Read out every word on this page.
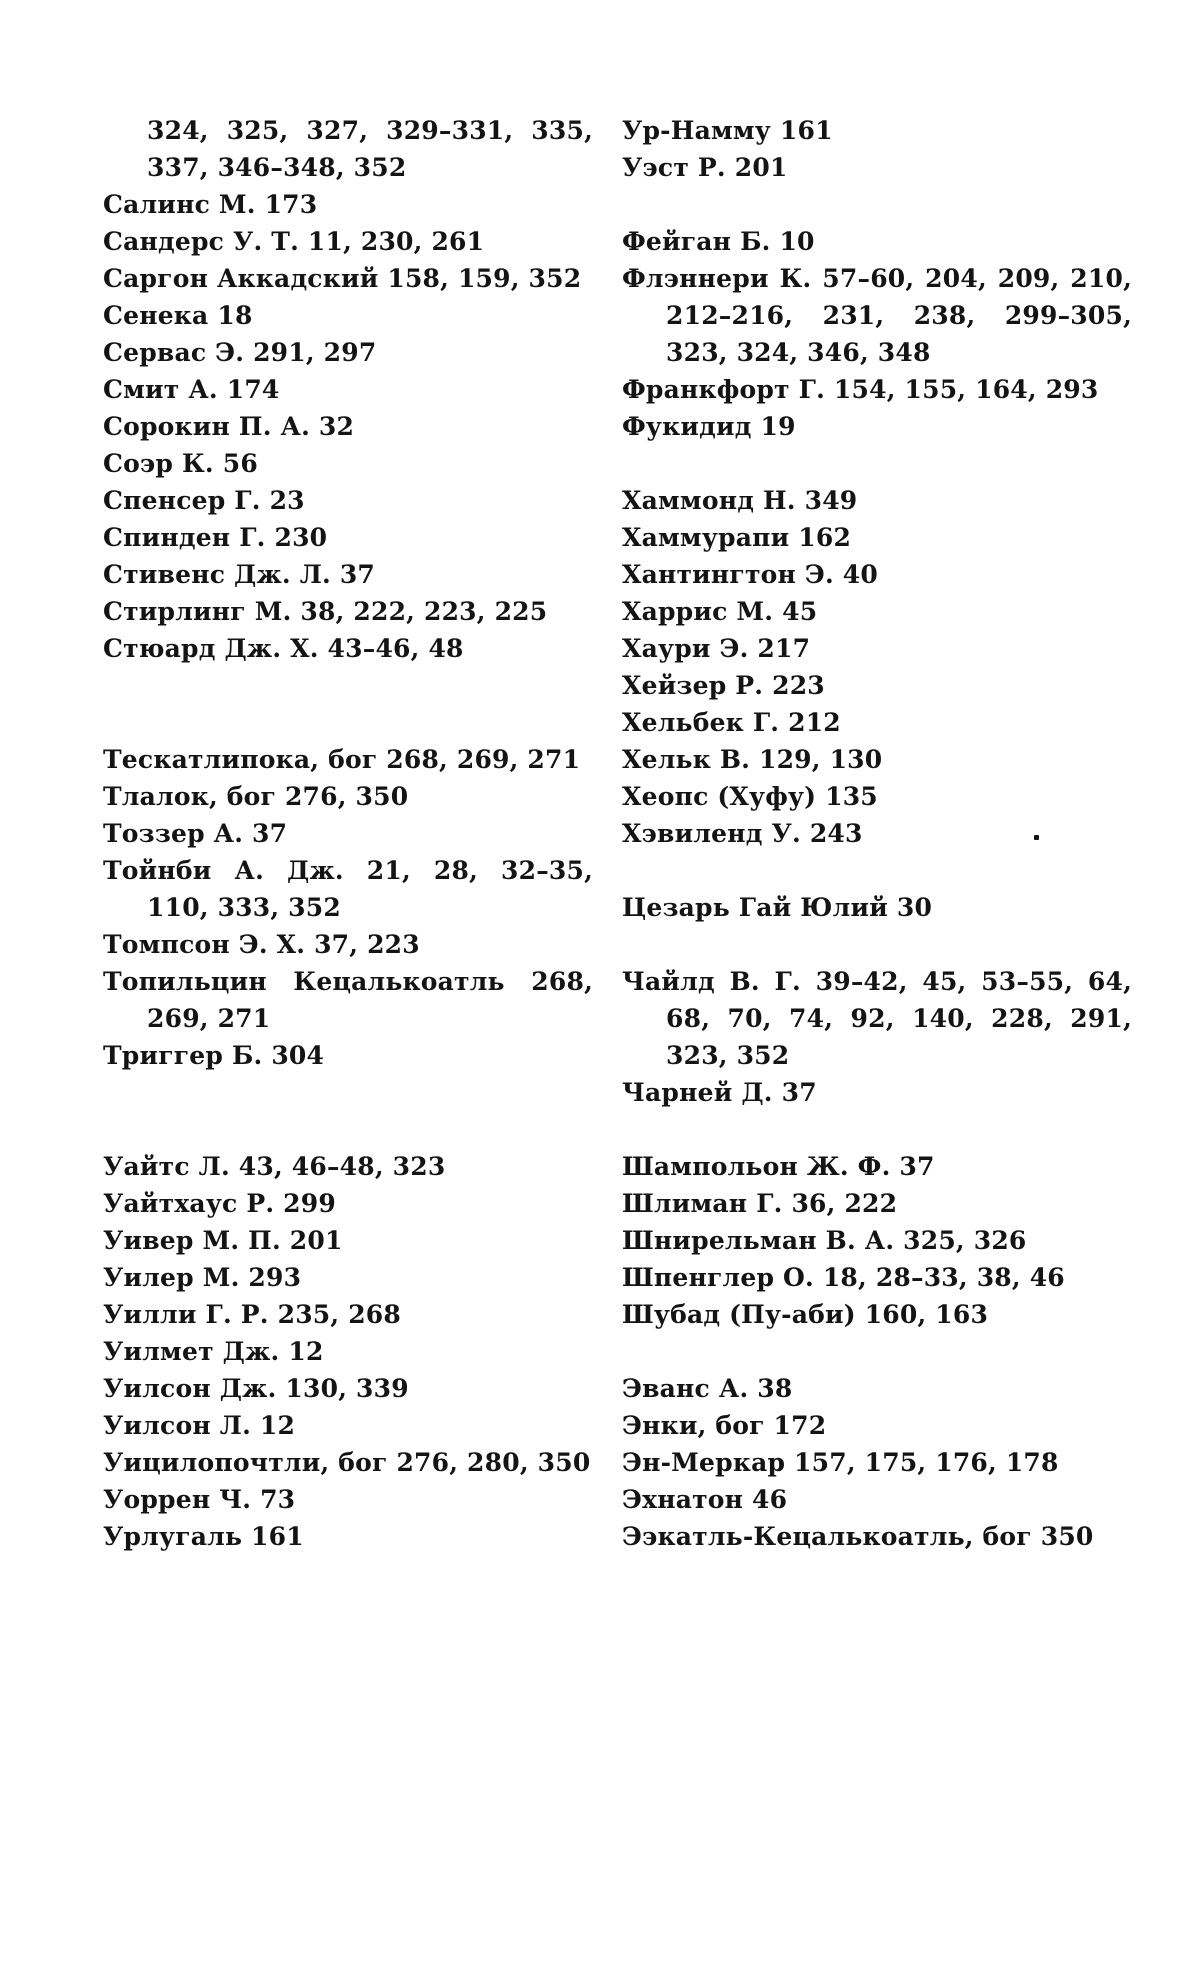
324, 325, 327, 329–331, 335, 337, 346–348, 352
Салинс М. 173
Сандерс У. Т. 11, 230, 261
Саргон Аккадский 158, 159, 352
Сенека 18
Сервас Э. 291, 297
Смит А. 174
Сорокин П. А. 32
Соэр К. 56
Спенсер Г. 23
Спинден Г. 230
Стивенс Дж. Л. 37
Стирлинг М. 38, 222, 223, 225
Стюард Дж. Х. 43–46, 48
Тескатлипока, бог 268, 269, 271
Тлалок, бог 276, 350
Тоззер А. 37
Тойнби А. Дж. 21, 28, 32–35, 110, 333, 352
Томпсон Э. Х. 37, 223
Топильцин Кецалькоатль 268, 269, 271
Триггер Б. 304
Уайтс Л. 43, 46–48, 323
Уайтхаус Р. 299
Уивер М. П. 201
Уилер М. 293
Уилли Г. Р. 235, 268
Уилмет Дж. 12
Уилсон Дж. 130, 339
Уилсон Л. 12
Уицилопочтли, бог 276, 280, 350
Уоррен Ч. 73
Урлугаль 161
Ур-Намму 161
Уэст Р. 201
Фейган Б. 10
Флэннери К. 57–60, 204, 209, 210, 212–216, 231, 238, 299–305, 323, 324, 346, 348
Франкфорт Г. 154, 155, 164, 293
Фукидид 19
Хаммонд Н. 349
Хаммурапи 162
Хантингтон Э. 40
Харрис М. 45
Хаури Э. 217
Хейзер Р. 223
Хельбек Г. 212
Хельк В. 129, 130
Хеопс (Хуфу) 135
Хэвиленд У. 243
Цезарь Гай Юлий 30
Чайлд В. Г. 39–42, 45, 53–55, 64, 68, 70, 74, 92, 140, 228, 291, 323, 352
Чарней Д. 37
Шампольон Ж. Ф. 37
Шлиман Г. 36, 222
Шнирельман В. А. 325, 326
Шпенглер О. 18, 28–33, 38, 46
Шубад (Пу-аби) 160, 163
Эванс А. 38
Энки, бог 172
Эн-Меркар 157, 175, 176, 178
Эхнатон 46
Ээкатль-Кецалькоатль, бог 350
